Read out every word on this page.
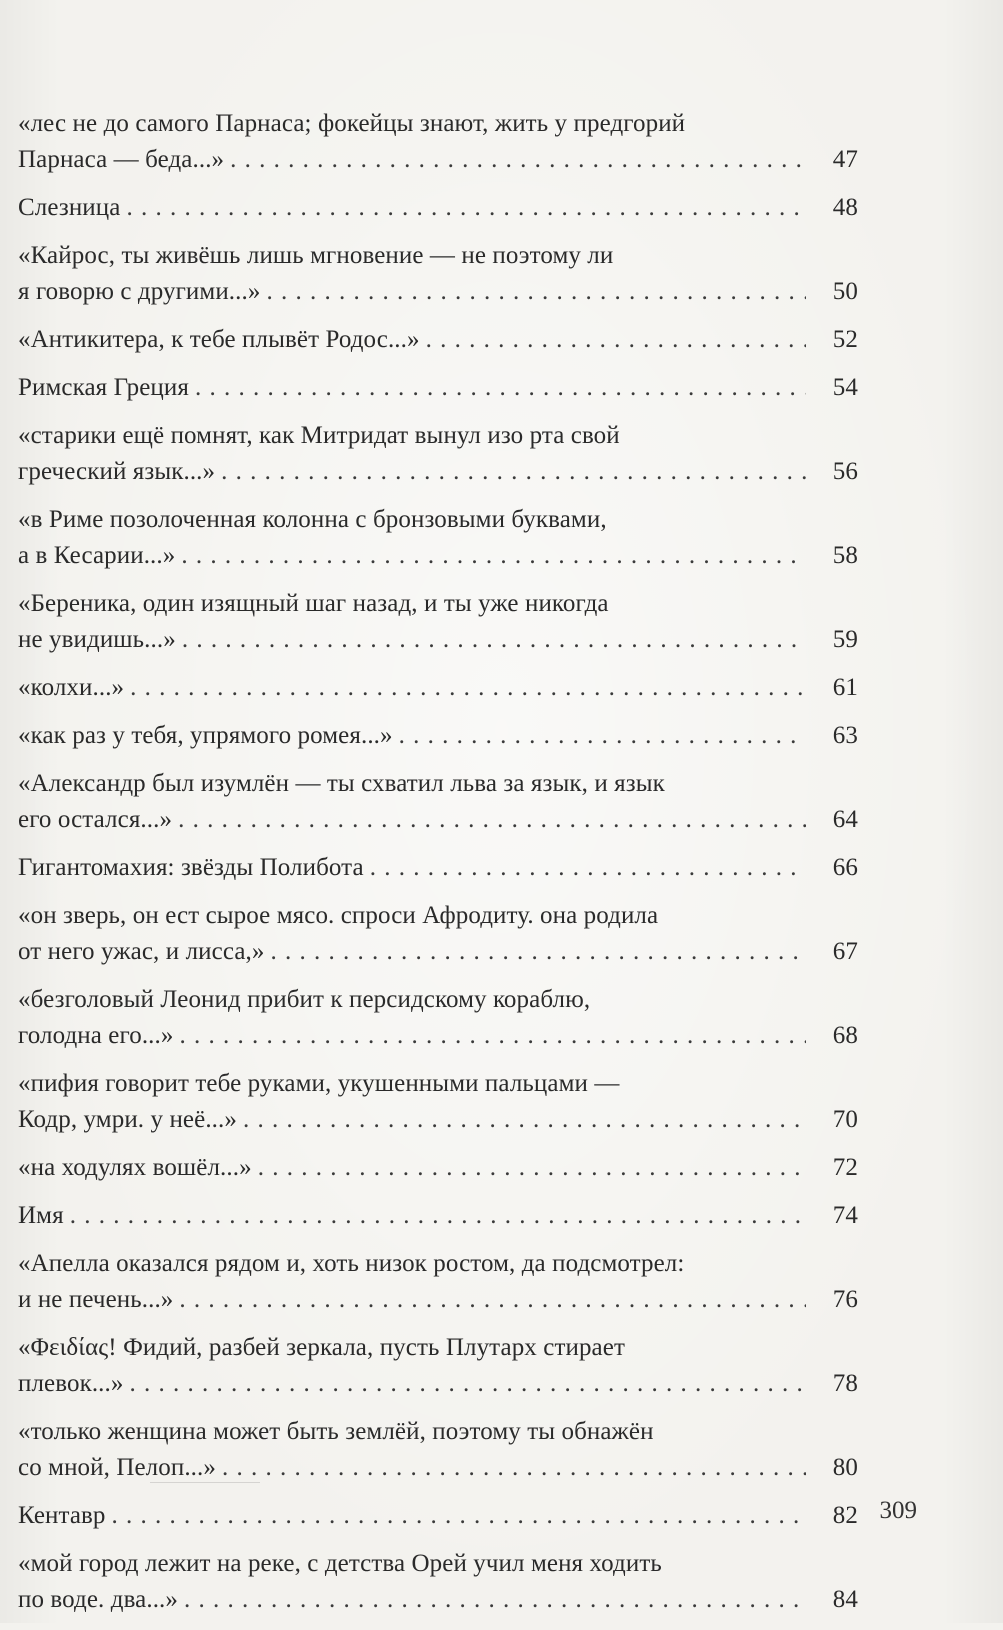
«лес не до самого Парнаса; фокейцы знают, жить у предгорий
Парнаса — беда...» . . .	47
Слезница . . .	48
«Кайрос, ты живёшь лишь мгновение — не поэтому ли
я говорю с другими...» . . .	50
«Антикитера, к тебе плывёт Родос...» . . .	52
Римская Греция . . .	54
«старики ещё помнят, как Митридат вынул изо рта свой
греческий язык...» . . .	56
«в Риме позолоченная колонна с бронзовыми буквами,
а в Кесарии...» . . .	58
«Береника, один изящный шаг назад, и ты уже никогда
не увидишь...» . . .	59
«колхи...» . . .	61
«как раз у тебя, упрямого ромея...» . . .	63
«Александр был изумлён — ты схватил льва за язык, и язык
его остался...» . . .	64
Гигантомахия: звёзды Полибота . . .	66
«он зверь, он ест сырое мясо. спроси Афродиту. она родила
от него ужас, и лисса,» . . .	67
«безголовый Леонид прибит к персидскому кораблю,
голодна его...» . . .	68
«пифия говорит тебе руками, укушенными пальцами —
Кодр, умри. у неё...» . . .	70
«на ходулях вошёл...» . . .	72
Имя . . .	74
«Апелла оказался рядом и, хоть низок ростом, да подсмотрел:
и не печень...» . . .	76
«Φειδίας! Фидий, разбей зеркала, пусть Плутарх стирает
плевок...» . . .	78
«только женщина может быть землёй, поэтому ты обнажён
со мной, Пелоп...» . . .	80
Кентавр . . .	82
«мой город лежит на реке, с детства Орей учил меня ходить
по воде. два...» . . .	84
309
